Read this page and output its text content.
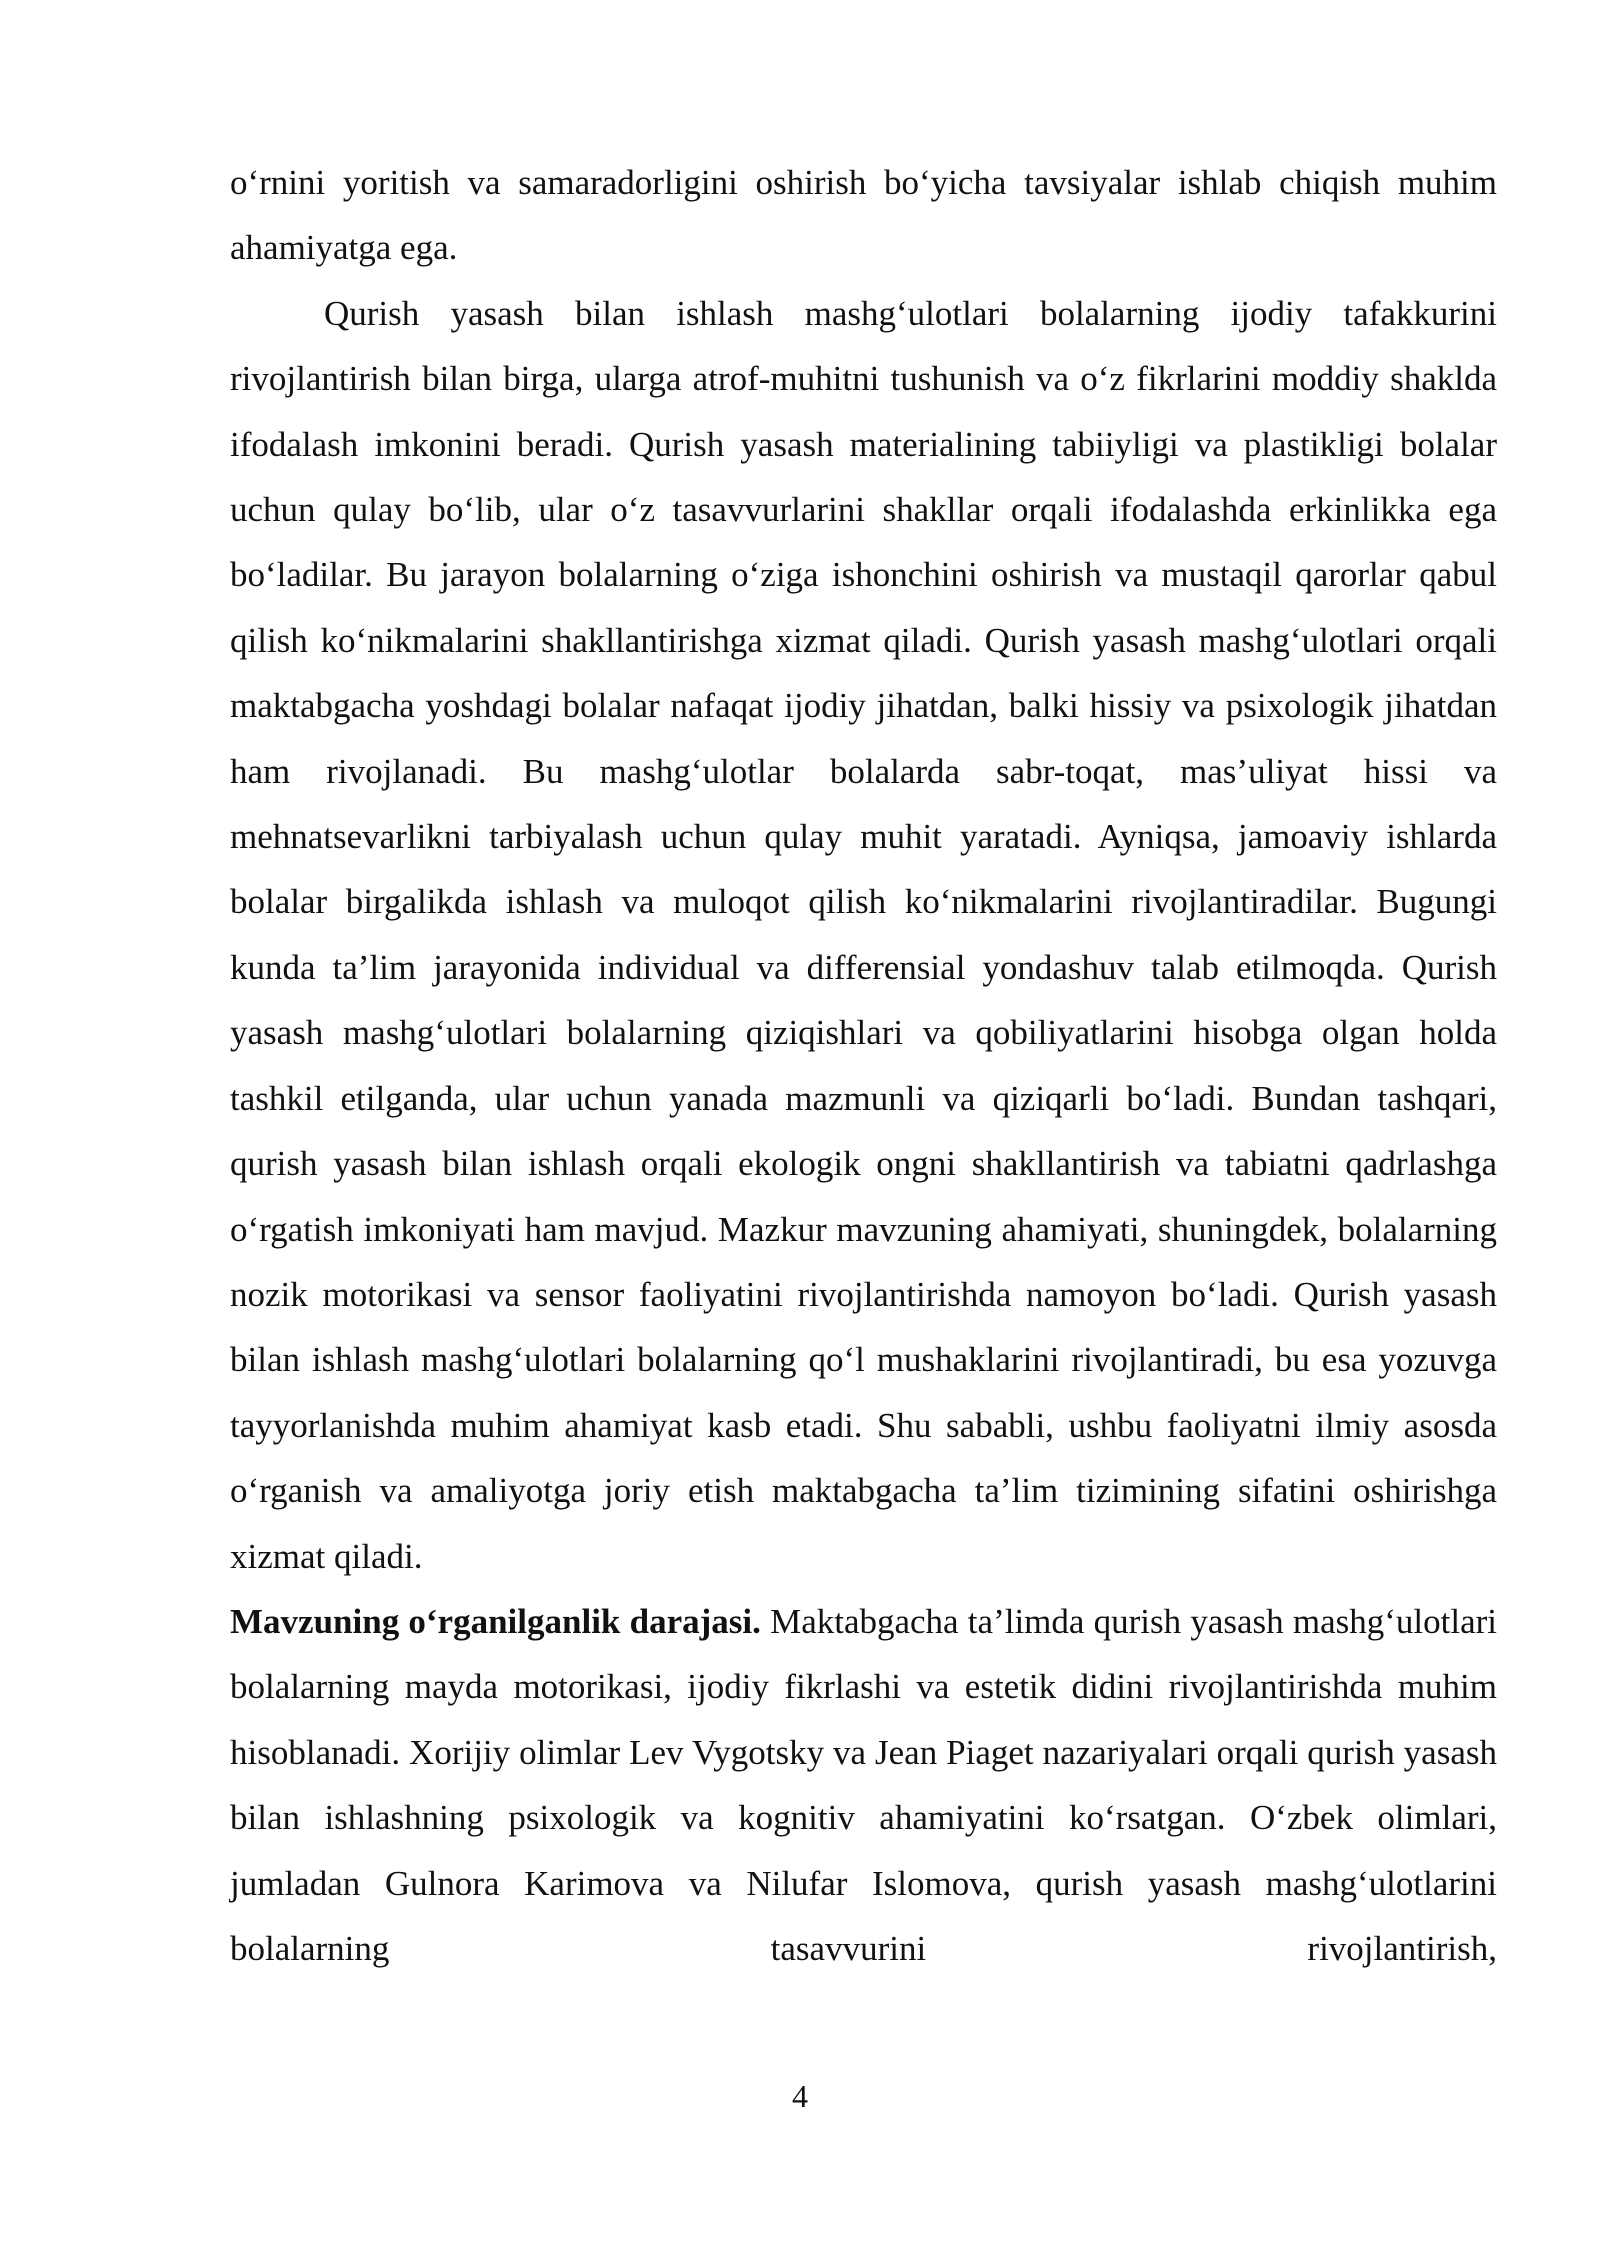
o‘rnini yoritish va samaradorligini oshirish bo‘yicha tavsiyalar ishlab chiqish muhim ahamiyatga ega.

Qurish yasash bilan ishlash mashg‘ulotlari bolalarning ijodiy tafakkurini rivojlantirish bilan birga, ularga atrof-muhitni tushunish va o‘z fikrlarini moddiy shaklda ifodalash imkonini beradi. Qurish yasash materialining tabiiyligi va plastikligi bolalar uchun qulay bo‘lib, ular o‘z tasavvurlarini shakllar orqali ifodalashda erkinlikka ega bo‘ladilar. Bu jarayon bolalarning o‘ziga ishonchini oshirish va mustaqil qarorlar qabul qilish ko‘nikmalarini shakllantirishga xizmat qiladi. Qurish yasash mashg‘ulotlari orqali maktabgacha yoshdagi bolalar nafaqat ijodiy jihatdan, balki hissiy va psixologik jihatdan ham rivojlanadi. Bu mashg‘ulotlar bolalarda sabr-toqat, mas’uliyat hissi va mehnatsevarlikni tarbiyalash uchun qulay muhit yaratadi. Ayniqsa, jamoaviy ishlarda bolalar birgalikda ishlash va muloqot qilish ko‘nikmalarini rivojlantiradilar. Bugungi kunda ta’lim jarayonida individual va differensial yondashuv talab etilmoqda. Qurish yasash mashg‘ulotlari bolalarning qiziqishlari va qobiliyatlarini hisobga olgan holda tashkil etilganda, ular uchun yanada mazmunli va qiziqarli bo‘ladi. Bundan tashqari, qurish yasash bilan ishlash orqali ekologik ongni shakllantirish va tabiatni qadrlashga o‘rgatish imkoniyati ham mavjud. Mazkur mavzuning ahamiyati, shuningdek, bolalarning nozik motorikasi va sensor faoliyatini rivojlantirishda namoyon bo‘ladi. Qurish yasash bilan ishlash mashg‘ulotlari bolalarning qo‘l mushaklarini rivojlantiradi, bu esa yozuvga tayyorlanishda muhim ahamiyat kasb etadi. Shu sababli, ushbu faoliyatni ilmiy asosda o‘rganish va amaliyotga joriy etish maktabgacha ta’lim tizimining sifatini oshirishga xizmat qiladi.

Mavzuning o‘rganilganlik darajasi. Maktabgacha ta’limda qurish yasash mashg‘ulotlari bolalarning mayda motorikasi, ijodiy fikrlashi va estetik didini rivojlantirishda muhim hisoblanadi. Xorijiy olimlar Lev Vygotsky va Jean Piaget nazariyalari orqali qurish yasash bilan ishlashning psixologik va kognitiv ahamiyatini ko‘rsatgan. O‘zbek olimlari, jumladan Gulnora Karimova va Nilufar Islomova, qurish yasash mashg‘ulotlarini bolalarning tasavvurini rivojlantirish,

4
